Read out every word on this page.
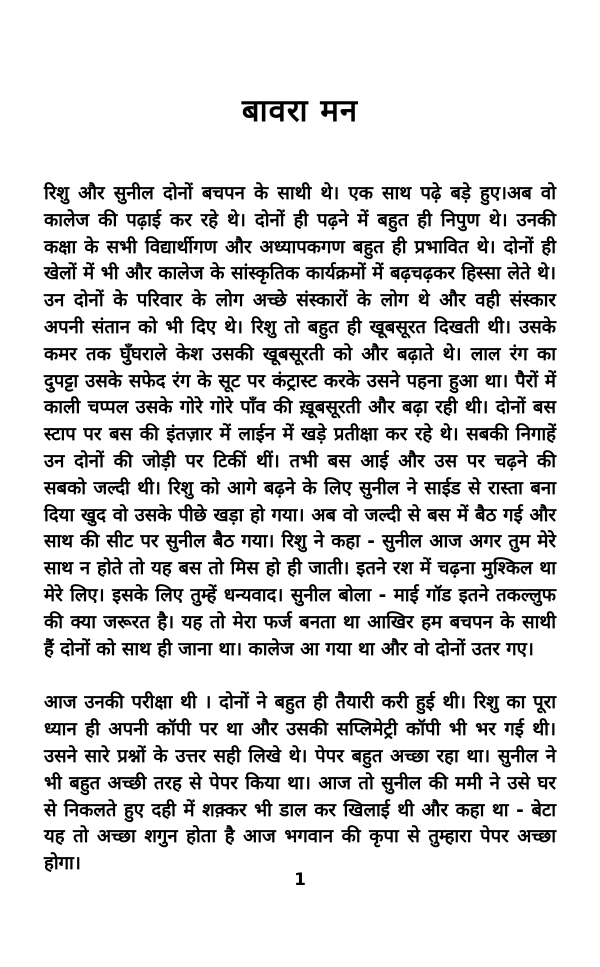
बावरा मन

रिशु और सुनील दोनों बचपन के साथी थे। एक साथ पढ़े बड़े हुए।अब वो कालेज की पढ़ाई कर रहे थे। दोनों ही पढ़ने में बहुत ही निपुण थे। उनकी कक्षा के सभी विद्यार्थीगण और अध्यापकगण बहुत ही प्रभावित थे। दोनों ही खेलों में भी और कालेज के सांस्कृतिक कार्यक्रमों में बढ़चढ़कर हिस्सा लेते थे। उन दोनों के परिवार के लोग अच्छे संस्कारों के लोग थे और वही संस्कार अपनी संतान को भी दिए थे। रिशु तो बहुत ही खूबसूरत दिखती थी। उसके कमर तक घुँघराले केश उसकी खूबसूरती को और बढ़ाते थे। लाल रंग का दुपट्टा उसके सफेद रंग के सूट पर कंट्रास्ट करके उसने पहना हुआ था। पैरों में काली चप्पल उसके गोरे गोरे पाँव की ख़ूबसूरती और बढ़ा रही थी। दोनों बस स्टाप पर बस की इंतज़ार में लाईन में खड़े प्रतीक्षा कर रहे थे। सबकी निगाहें उन दोनों की जोड़ी पर टिकीं थीं। तभी बस आई और उस पर चढ़ने की सबको जल्दी थी। रिशु को आगे बढ़ने के लिए सुनील ने साईड से रास्ता बना दिया खुद वो उसके पीछे खड़ा हो गया। अब वो जल्दी से बस में बैठ गई और साथ की सीट पर सुनील बैठ गया। रिशु ने कहा - सुनील आज अगर तुम मेरे साथ न होते तो यह बस तो मिस हो ही जाती। इतने रश में चढ़ना मुश्किल था मेरे लिए। इसके लिए तुम्हें धन्यवाद। सुनील बोला - माई गॉड इतने तकल्लुफ की क्या जरूरत है। यह तो मेरा फर्ज बनता था आखिर हम बचपन के साथी हैं दोनों को साथ ही जाना था। कालेज आ गया था और वो दोनों उतर गए।

आज उनकी परीक्षा थी । दोनों ने बहुत ही तैयारी करी हुई थी। रिशु का पूरा ध्यान ही अपनी कॉपी पर था और उसकी सप्लिमेट्री कॉपी भी भर गई थी। उसने सारे प्रश्नों के उत्तर सही लिखे थे। पेपर बहुत अच्छा रहा था। सुनील ने भी बहुत अच्छी तरह से पेपर किया था। आज तो सुनील की ममी ने उसे घर से निकलते हुए दही में शक़्कर भी डाल कर खिलाई थी और कहा था - बेटा यह तो अच्छा शगुन होता है आज भगवान की कृपा से तुम्हारा पेपर अच्छा होगा।

1
